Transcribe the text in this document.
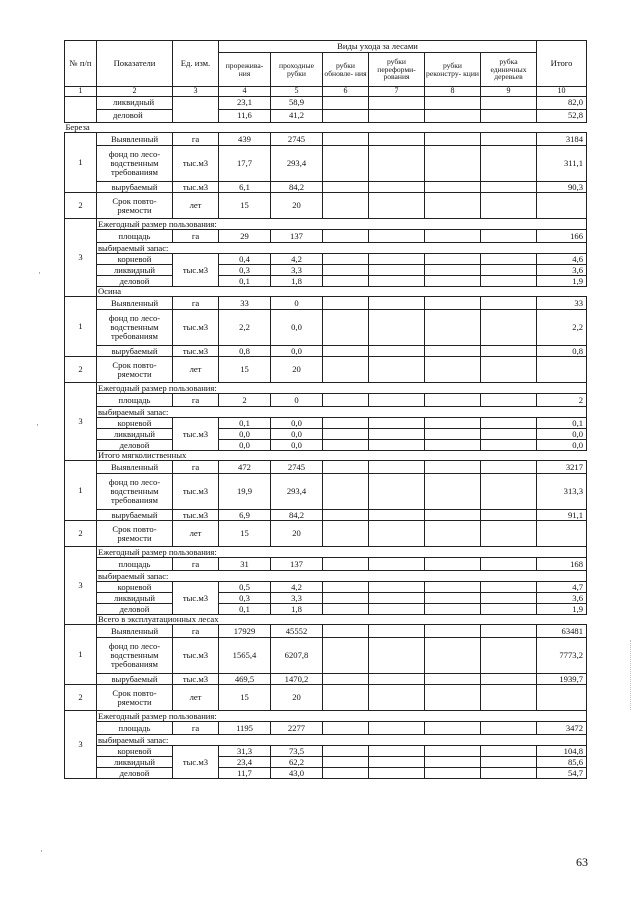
№ п/п	Показатели	Ед. изм.	Виды ухода за лесами						Итого
			прорежива- ния	проходные рубки	рубки обновле- ния	рубки переформи- рования	рубки реконстру- кции	рубка единичных деревьев	
1	2	3	4	5	6	7	8	9	10
	ликвидный		23,1	58,9					82,0
	деловой		11,6	41,2					52,8
Береза									
1	Выявленный	га	439	2745					3184
	фонд по лесо- водственным требованиям	тыс.м3	17,7	293,4					311,1
	вырубаемый	тыс.м3	6,1	84,2					90,3
2	Срок повто- ряемости	лет	15	20					
3	Ежегодный размер пользования:								
	площадь	га	29	137					166
	выбираемый запас:								
	корневой	тыс.м3	0,4	4,2					4,6
	ликвидный		0,3	3,3					3,6
	деловой		0,1	1,8					1,9
	Осина								
1	Выявленный	га	33	0					33
	фонд по лесо- водственным требованиям	тыс.м3	2,2	0,0					2,2
	вырубаемый	тыс.м3	0,8	0,0					0,8
2	Срок повто- ряемости	лет	15	20					
3	Ежегодный размер пользования:								
	площадь	га	2	0					2
	выбираемый запас:								
	корневой	тыс.м3	0,1	0,0					0,1
	ликвидный		0,0	0,0					0,0
	деловой		0,0	0,0					0,0
	Итого мягколиственных								
1	Выявленный	га	472	2745					3217
	фонд по лесо- водственным требованиям	тыс.м3	19,9	293,4					313,3
	вырубаемый	тыс.м3	6,9	84,2					91,1
2	Срок повто- ряемости	лет	15	20					
3	Ежегодный размер пользования:								
	площадь	га	31	137					168
	выбираемый запас:								
	корневой	тыс.м3	0,5	4,2					4,7
	ликвидный		0,3	3,3					3,6
	деловой		0,1	1,8					1,9
	Всего в эксплуатационных лесах								
1	Выявленный	га	17929	45552					63481
	фонд по лесо- водственным требованиям	тыс.м3	1565,4	6207,8					7773,2
	вырубаемый	тыс.м3	469,5	1470,2					1939,7
2	Срок повто- ряемости	лет	15	20					
3	Ежегодный размер пользования:								
	площадь	га	1195	2277					3472
	выбираемый запас:								
	корневой	тыс.м3	31,3	73,5					104,8
	ликвидный		23,4	62,2					85,6
	деловой		11,7	43,0					54,7
·
·
·
63
